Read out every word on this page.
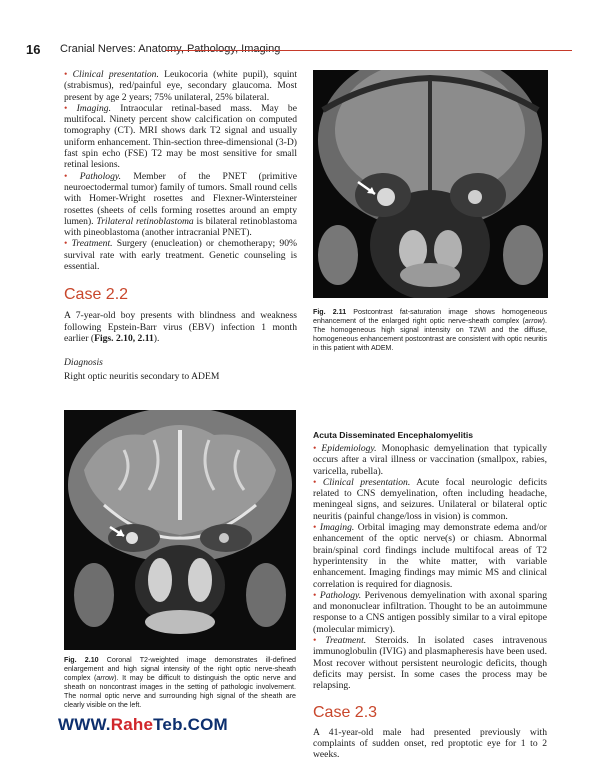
16 Cranial Nerves: Anatomy, Pathology, Imaging

• Clinical presentation. Leukocoria (white pupil), squint (strabismus), red/painful eye, secondary glaucoma. Most present by age 2 years; 75% unilateral, 25% bilateral.

• Imaging. Intraocular retinal-based mass. May be multifocal. Ninety percent show calcification on computed tomography (CT). MRI shows dark T2 signal and usually uniform enhancement. Thin-section three-dimensional (3-D) fast spin echo (FSE) T2 may be most sensitive for small retinal lesions.

• Pathology. Member of the PNET (primitive neuroectodermal tumor) family of tumors. Small round cells with Homer-Wright rosettes and Flexner-Wintersteiner rosettes (sheets of cells forming rosettes around an empty lumen). Trilateral retinoblastoma is bilateral retinoblastoma with pineoblastoma (another intracranial PNET).

• Treatment. Surgery (enucleation) or chemotherapy; 90% survival rate with early treatment. Genetic counseling is essential.

Case 2.2

A 7-year-old boy presents with blindness and weakness following Epstein-Barr virus (EBV) infection 1 month earlier (Figs. 2.10, 2.11).

Diagnosis

Right optic neuritis secondary to ADEM

Fig. 2.11 Postcontrast fat-saturation image shows homogeneous enhancement of the enlarged right optic nerve-sheath complex (arrow). The homogeneous high signal intensity on T2WI and the diffuse, homogeneous enhancement postcontrast are consistent with optic neuritis in this patient with ADEM.
Fig. 2.10 Coronal T2-weighted image demonstrates ill-defined enlargement and high signal intensity of the right optic nerve-sheath complex (arrow). It may be difficult to distinguish the optic nerve and sheath on noncontrast images in the setting of pathologic involvement. The normal optic nerve and surrounding high signal of the sheath are clearly visible on the left.
Acuta Disseminated Encephalomyelitis

• Epidemiology. Monophasic demyelination that typically occurs after a viral illness or vaccination (smallpox, rabies, varicella, rubella).

• Clinical presentation. Acute focal neurologic deficits related to CNS demyelination, often including headache, meningeal signs, and seizures. Unilateral or bilateral optic neuritis (painful change/loss in vision) is common.

• Imaging. Orbital imaging may demonstrate edema and/or enhancement of the optic nerve(s) or chiasm. Abnormal brain/spinal cord findings include multifocal areas of T2 hyperintensity in the white matter, with variable enhancement. Imaging findings may mimic MS and clinical correlation is required for diagnosis.

• Pathology. Perivenous demyelination with axonal sparing and mononuclear infiltration. Thought to be an autoimmune response to a CNS antigen possibly similar to a viral epitope (molecular mimicry).

• Treatment. Steroids. In isolated cases intravenous immunoglobulin (IVIG) and plasmapheresis have been used. Most recover without persistent neurologic deficits, though deficits may persist. In some cases the process may be relapsing.

Case 2.3

A 41-year-old male had presented previously with complaints of sudden onset, red proptotic eye for 1 to 2 weeks.

WWW.RaheTeb.COM
